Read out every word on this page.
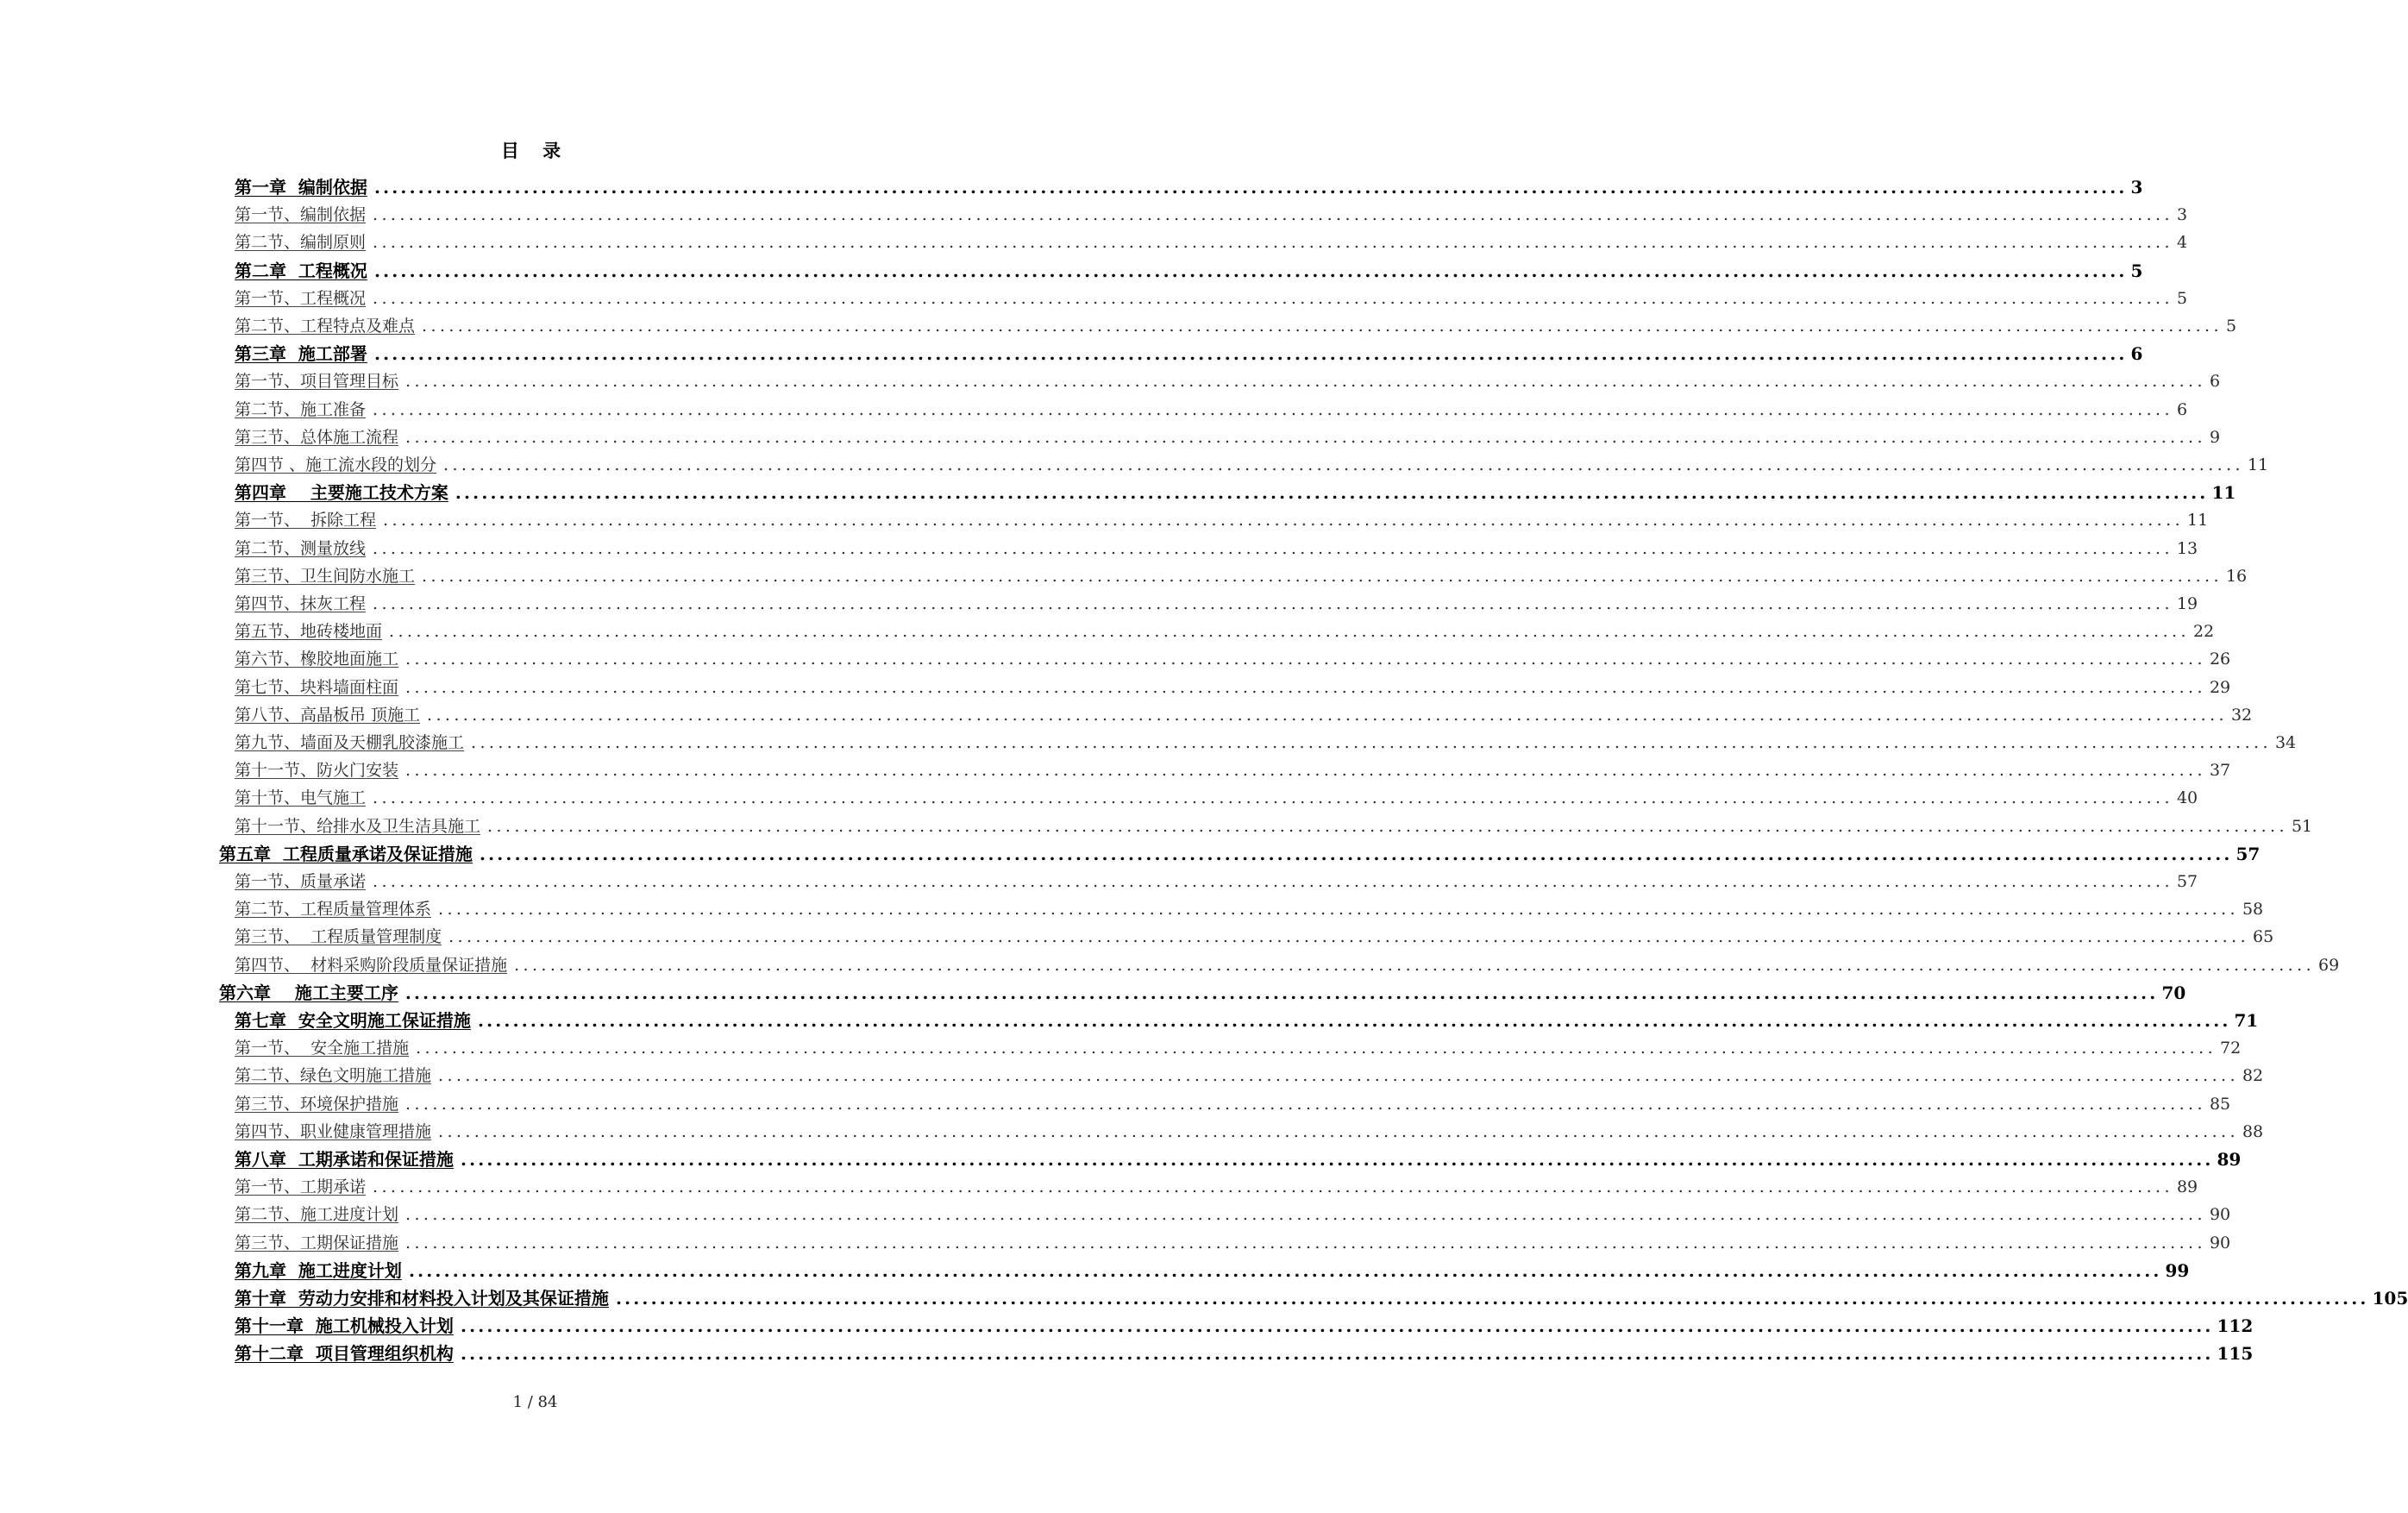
目 录
第一章  编制依据 ........................................................................................................................................................................................................ 3
第一节、编制依据 ........................................................................................................................................................................................................ 3
第二节、编制原则 ........................................................................................................................................................................................................ 4
第二章  工程概况 ........................................................................................................................................................................................................ 5
第一节、工程概况 ........................................................................................................................................................................................................ 5
第二节、工程特点及难点 ........................................................................................................................................................................................................ 5
第三章  施工部署 ........................................................................................................................................................................................................ 6
第一节、项目管理目标 ........................................................................................................................................................................................................ 6
第二节、施工准备 ........................................................................................................................................................................................................ 6
第三节、总体施工流程 ........................................................................................................................................................................................................ 9
第四节 、施工流水段的划分 ........................................................................................................................................................................................................ 11
第四章    主要施工技术方案 ........................................................................................................................................................................................................ 11
第一节、  拆除工程 ........................................................................................................................................................................................................ 11
第二节、测量放线 ........................................................................................................................................................................................................ 13
第三节、卫生间防水施工 ........................................................................................................................................................................................................ 16
第四节、抹灰工程 ........................................................................................................................................................................................................ 19
第五节、地砖楼地面 ........................................................................................................................................................................................................ 22
第六节、橡胶地面施工 ........................................................................................................................................................................................................ 26
第七节、块料墙面柱面 ........................................................................................................................................................................................................ 29
第八节、高晶板吊 顶施工 ........................................................................................................................................................................................................ 32
第九节、墙面及天棚乳胶漆施工 ........................................................................................................................................................................................................ 34
第十一节、防火门安装 ........................................................................................................................................................................................................ 37
第十节、电气施工 ........................................................................................................................................................................................................ 40
第十一节、给排水及卫生洁具施工 ........................................................................................................................................................................................................ 51
第五章  工程质量承诺及保证措施 ........................................................................................................................................................................................................ 57
第一节、质量承诺 ........................................................................................................................................................................................................ 57
第二节、工程质量管理体系 ........................................................................................................................................................................................................ 58
第三节、  工程质量管理制度 ........................................................................................................................................................................................................ 65
第四节、  材料采购阶段质量保证措施 ........................................................................................................................................................................................................ 69
第六章    施工主要工序 ........................................................................................................................................................................................................ 70
第七章  安全文明施工保证措施 ........................................................................................................................................................................................................ 71
第一节、  安全施工措施 ........................................................................................................................................................................................................ 72
第二节、绿色文明施工措施 ........................................................................................................................................................................................................ 82
第三节、环境保护措施 ........................................................................................................................................................................................................ 85
第四节、职业健康管理措施 ........................................................................................................................................................................................................ 88
第八章  工期承诺和保证措施 ........................................................................................................................................................................................................ 89
第一节、工期承诺 ........................................................................................................................................................................................................ 89
第二节、施工进度计划 ........................................................................................................................................................................................................ 90
第三节、工期保证措施 ........................................................................................................................................................................................................ 90
第九章  施工进度计划 ........................................................................................................................................................................................................ 99
第十章  劳动力安排和材料投入计划及其保证措施 ........................................................................................................................................................................................................ 105
第十一章  施工机械投入计划 ........................................................................................................................................................................................................ 112
第十二章  项目管理组织机构 ........................................................................................................................................................................................................ 115
1 / 84
